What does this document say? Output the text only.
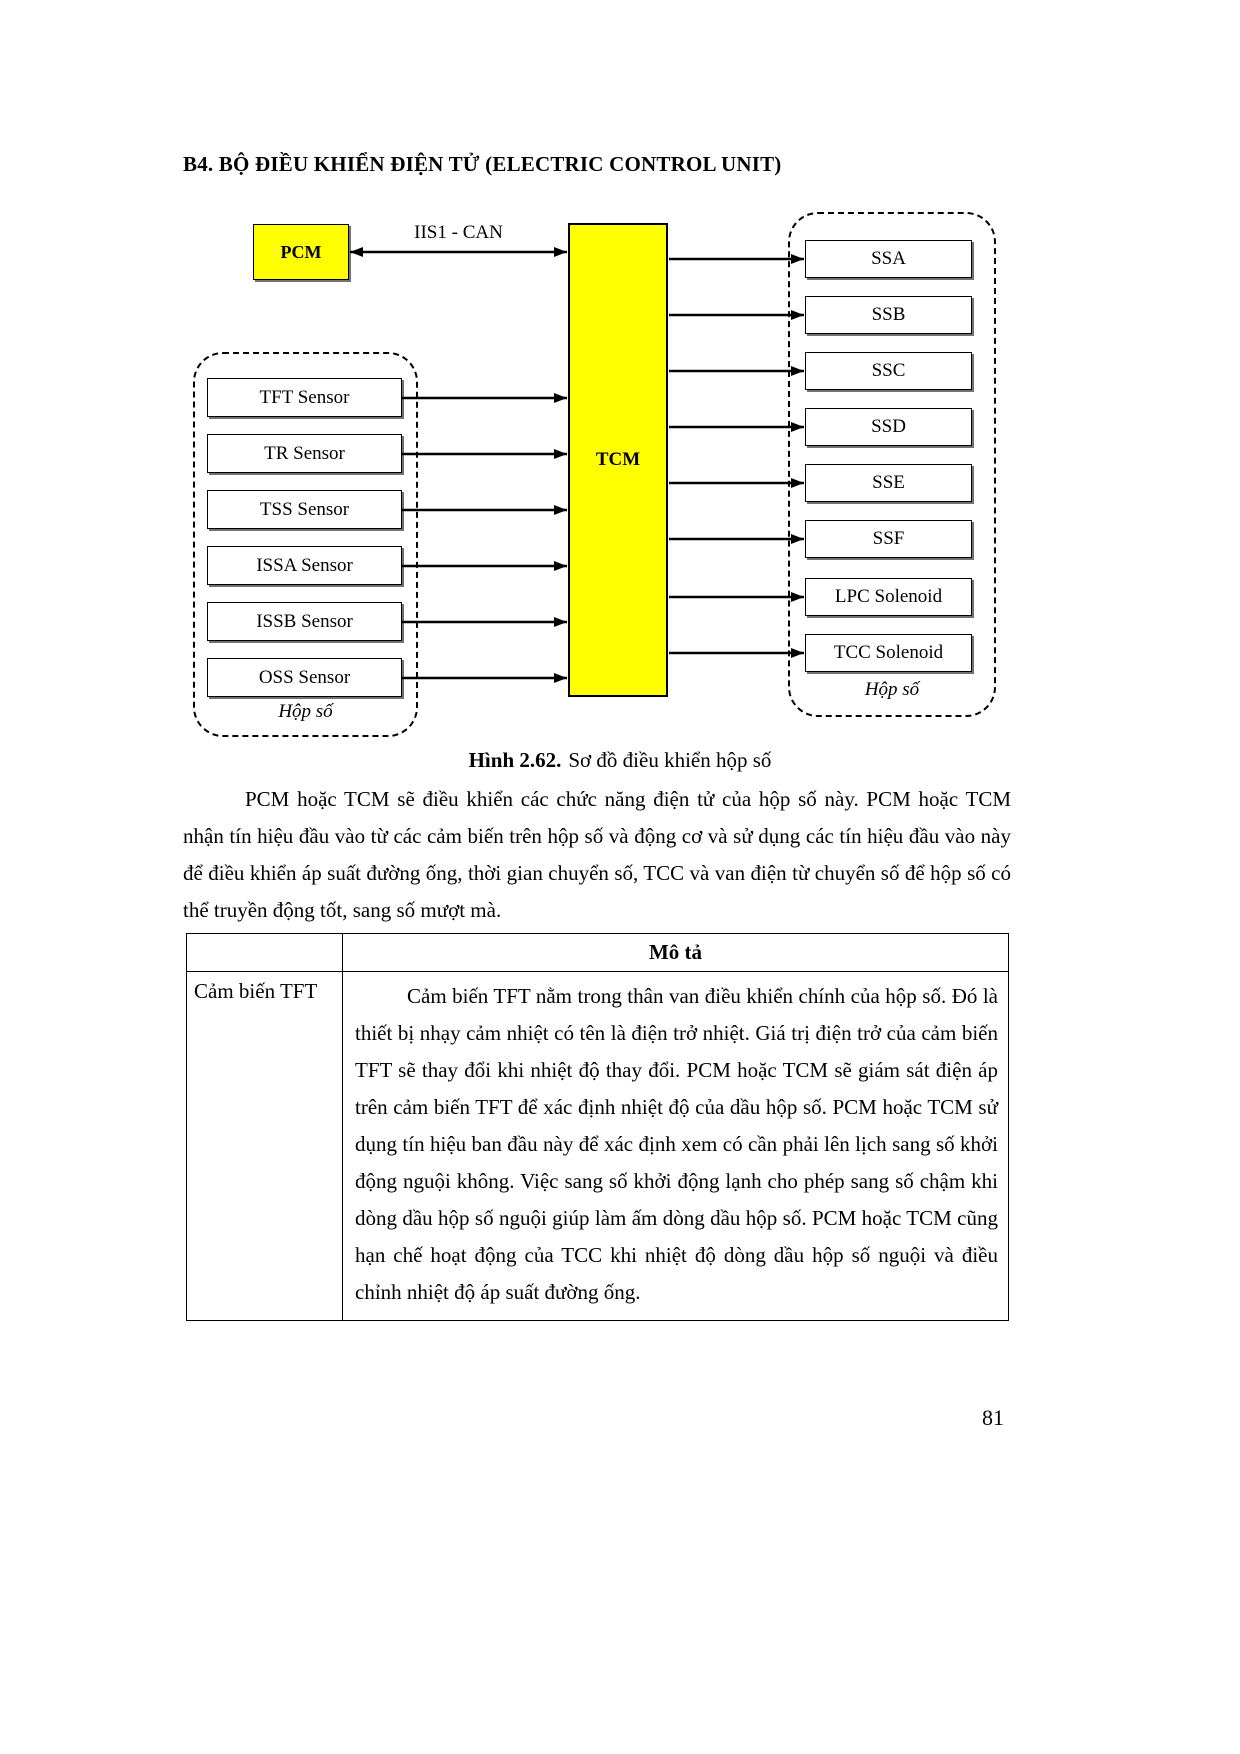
B4. BỘ ĐIỀU KHIỂN ĐIỆN TỬ (ELECTRIC CONTROL UNIT)
PCM
IIS1 - CAN
TCM
Hộp số
TFT Sensor
TR Sensor
TSS Sensor
ISSA Sensor
ISSB Sensor
OSS Sensor
Hộp số
SSA
SSB
SSC
SSD
SSE
SSF
LPC Solenoid
TCC Solenoid
Hình 2.62. Sơ đồ điều khiển hộp số
PCM hoặc TCM sẽ điều khiển các chức năng điện tử của hộp số này. PCM hoặc TCM nhận tín hiệu đầu vào từ các cảm biến trên hộp số và động cơ và sử dụng các tín hiệu đầu vào này để điều khiển áp suất đường ống, thời gian chuyển số, TCC và van điện từ chuyển số để hộp số có thể truyền động tốt, sang số mượt mà.
	Mô tả
Cảm biến TFT	Cảm biến TFT nằm trong thân van điều khiển chính của hộp số. Đó là thiết bị nhạy cảm nhiệt có tên là điện trở nhiệt. Giá trị điện trở của cảm biến TFT sẽ thay đổi khi nhiệt độ thay đổi. PCM hoặc TCM sẽ giám sát điện áp trên cảm biến TFT để xác định nhiệt độ của dầu hộp số. PCM hoặc TCM sử dụng tín hiệu ban đầu này để xác định xem có cần phải lên lịch sang số khởi động nguội không. Việc sang số khởi động lạnh cho phép sang số chậm khi dòng dầu hộp số nguội giúp làm ấm dòng dầu hộp số. PCM hoặc TCM cũng hạn chế hoạt động của TCC khi nhiệt độ dòng dầu hộp số nguội và điều chỉnh nhiệt độ áp suất đường ống.
81
